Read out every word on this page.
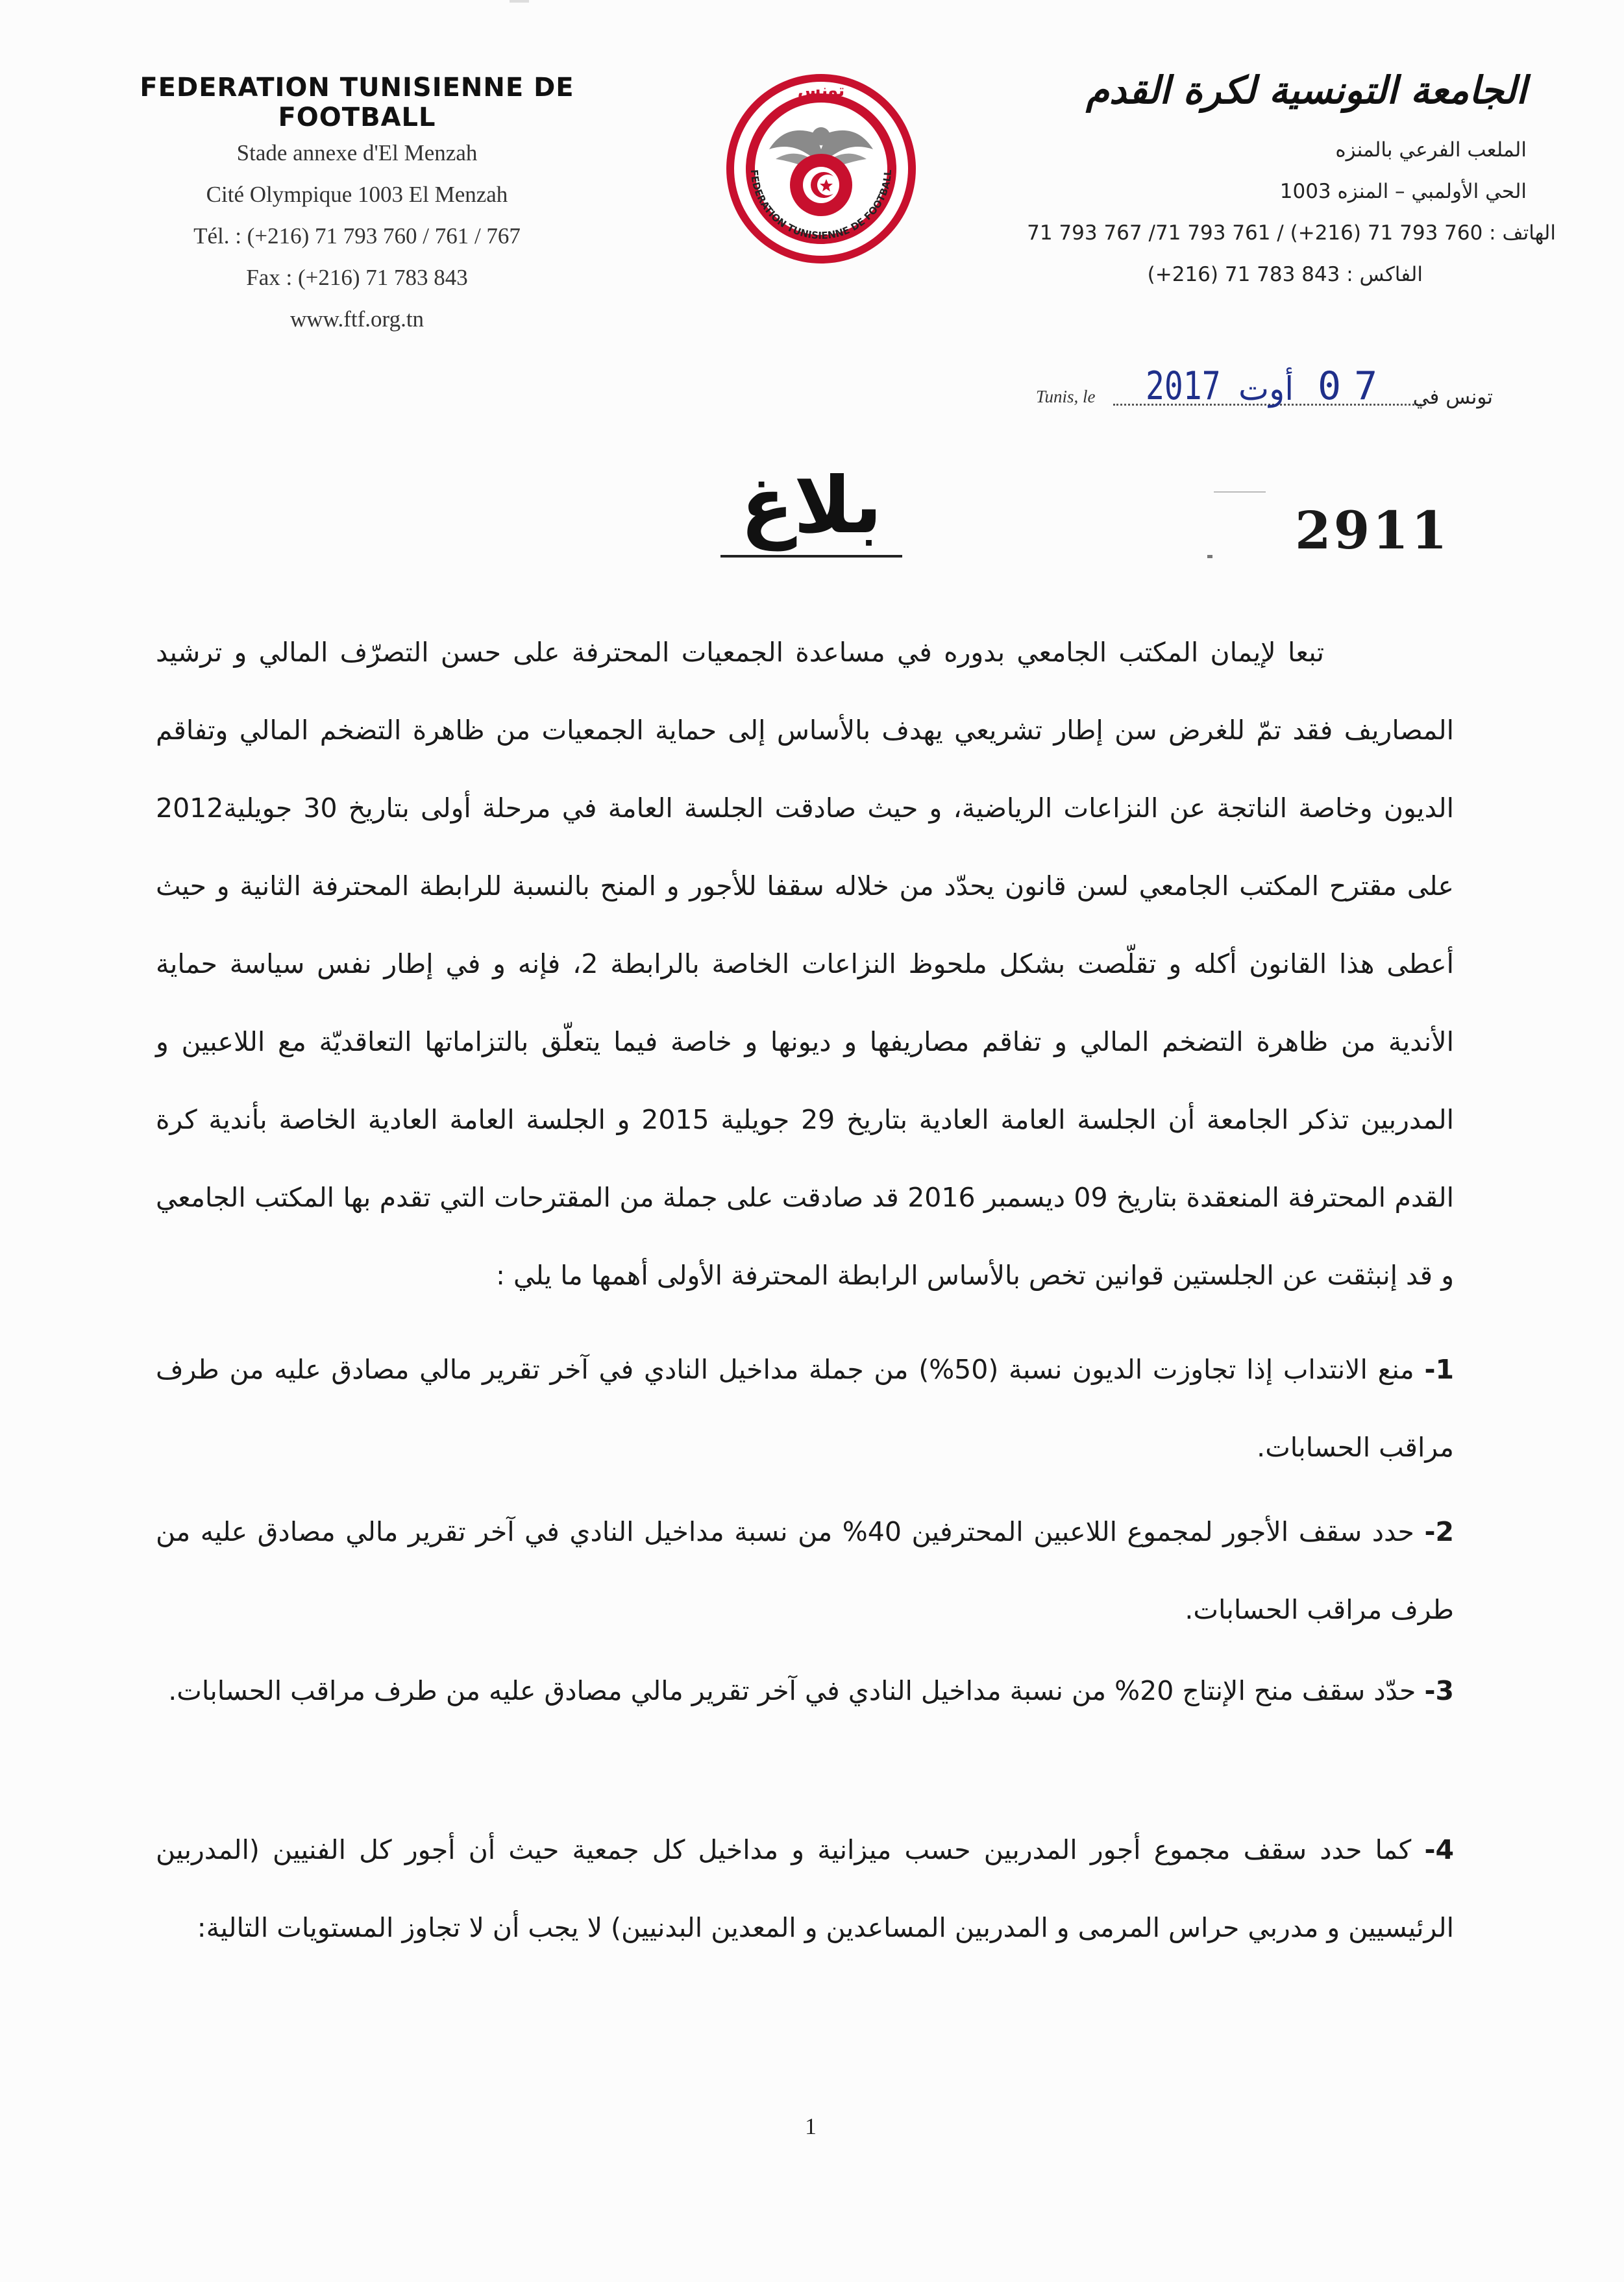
FEDERATION TUNISIENNE DE FOOTBALL
Stade annexe d'El Menzah
Cité Olympique 1003 El Menzah
Tél. : (+216) 71 793 760 / 761 / 767
Fax : (+216) 71 783 843
www.ftf.org.tn
FEDERATION TUNISIENNE DE FOOTBALL
تونس	الجامعة التونسية لكرة القدم
الملعب الفرعي بالمنزه
الحي الأولمبي – المنزه 1003
الهاتف : 760 793 71 (216+) / 761 793 71/ 767 793 71
الفاكس : 843 783 71 (216+)
Tunis, le 2017 أوت 07 تونس في
بلاغ	2911
تبعا لإيمان المكتب الجامعي بدوره في مساعدة الجمعيات المحترفة على حسن التصرّف المالي و ترشيد المصاريف فقد تمّ للغرض سن إطار تشريعي يهدف بالأساس إلى حماية الجمعيات من ظاهرة التضخم المالي وتفاقم الديون وخاصة الناتجة عن النزاعات الرياضية، و حيث صادقت الجلسة العامة في مرحلة أولى بتاريخ 30 جويلية2012 على مقترح المكتب الجامعي لسن قانون يحدّد من خلاله سقفا للأجور و المنح بالنسبة للرابطة المحترفة الثانية و حيث أعطى هذا القانون أكله و تقلّصت بشكل ملحوظ النزاعات الخاصة بالرابطة 2، فإنه و في إطار نفس سياسة حماية الأندية من ظاهرة التضخم المالي و تفاقم مصاريفها و ديونها و خاصة فيما يتعلّق بالتزاماتها التعاقديّة مع اللاعبين و المدربين تذكر الجامعة أن الجلسة العامة العادية بتاريخ 29 جويلية 2015 و الجلسة العامة العادية الخاصة بأندية كرة القدم المحترفة المنعقدة بتاريخ 09 ديسمبر 2016 قد صادقت على جملة من المقترحات التي تقدم بها المكتب الجامعي و قد إنبثقت عن الجلستين قوانين تخص بالأساس الرابطة المحترفة الأولى أهمها ما يلي :
1- منع الانتداب إذا تجاوزت الديون نسبة (50%) من جملة مداخيل النادي في آخر تقرير مالي مصادق عليه من طرف مراقب الحسابات.
2- حدد سقف الأجور لمجموع اللاعبين المحترفين 40% من نسبة مداخيل النادي في آخر تقرير مالي مصادق عليه من طرف مراقب الحسابات.
3- حدّد سقف منح الإنتاج 20% من نسبة مداخيل النادي في آخر تقرير مالي مصادق عليه من طرف مراقب الحسابات.
4- كما حدد سقف مجموع أجور المدربين حسب ميزانية و مداخيل كل جمعية حيث أن أجور كل الفنيين (المدربين الرئيسيين و مدربي حراس المرمى و المدربين المساعدين و المعدين البدنيين) لا يجب أن لا تجاوز المستويات التالية:
1
